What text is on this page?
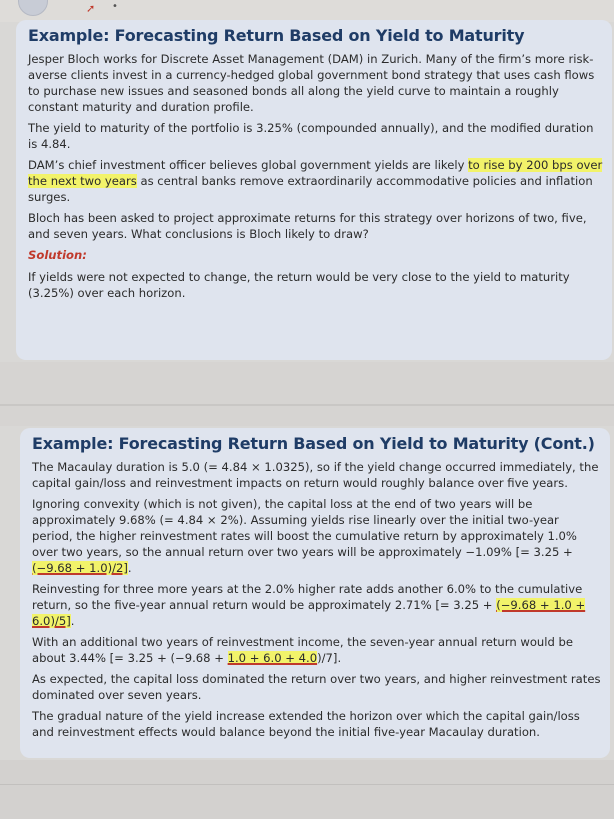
➚ •
Example: Forecasting Return Based on Yield to Maturity

Jesper Bloch works for Discrete Asset Management (DAM) in Zurich. Many of the firm’s more risk-averse clients invest in a currency-hedged global government bond strategy that uses cash flows to purchase new issues and seasoned bonds all along the yield curve to maintain a roughly constant maturity and duration profile.

The yield to maturity of the portfolio is 3.25% (compounded annually), and the modified duration is 4.84.

DAM’s chief investment officer believes global government yields are likely to rise by 200 bps over the next two years as central banks remove extraordinarily accommodative policies and inflation surges.

Bloch has been asked to project approximate returns for this strategy over horizons of two, five, and seven years. What conclusions is Bloch likely to draw?

Solution:

If yields were not expected to change, the return would be very close to the yield to maturity (3.25%) over each horizon.

Example: Forecasting Return Based on Yield to Maturity (Cont.)

The Macaulay duration is 5.0 (= 4.84 × 1.0325), so if the yield change occurred immediately, the capital gain/loss and reinvestment impacts on return would roughly balance over five years.

Ignoring convexity (which is not given), the capital loss at the end of two years will be approximately 9.68% (= 4.84 × 2%). Assuming yields rise linearly over the initial two-year period, the higher reinvestment rates will boost the cumulative return by approximately 1.0% over two years, so the annual return over two years will be approximately −1.09% [= 3.25 + (−9.68 + 1.0)/2].

Reinvesting for three more years at the 2.0% higher rate adds another 6.0% to the cumulative return, so the five-year annual return would be approximately 2.71% [= 3.25 + (−9.68 + 1.0 + 6.0)/5].

With an additional two years of reinvestment income, the seven-year annual return would be about 3.44% [= 3.25 + (−9.68 + 1.0 + 6.0 + 4.0)/7].

As expected, the capital loss dominated the return over two years, and higher reinvestment rates dominated over seven years.

The gradual nature of the yield increase extended the horizon over which the capital gain/loss and reinvestment effects would balance beyond the initial five-year Macaulay duration.
